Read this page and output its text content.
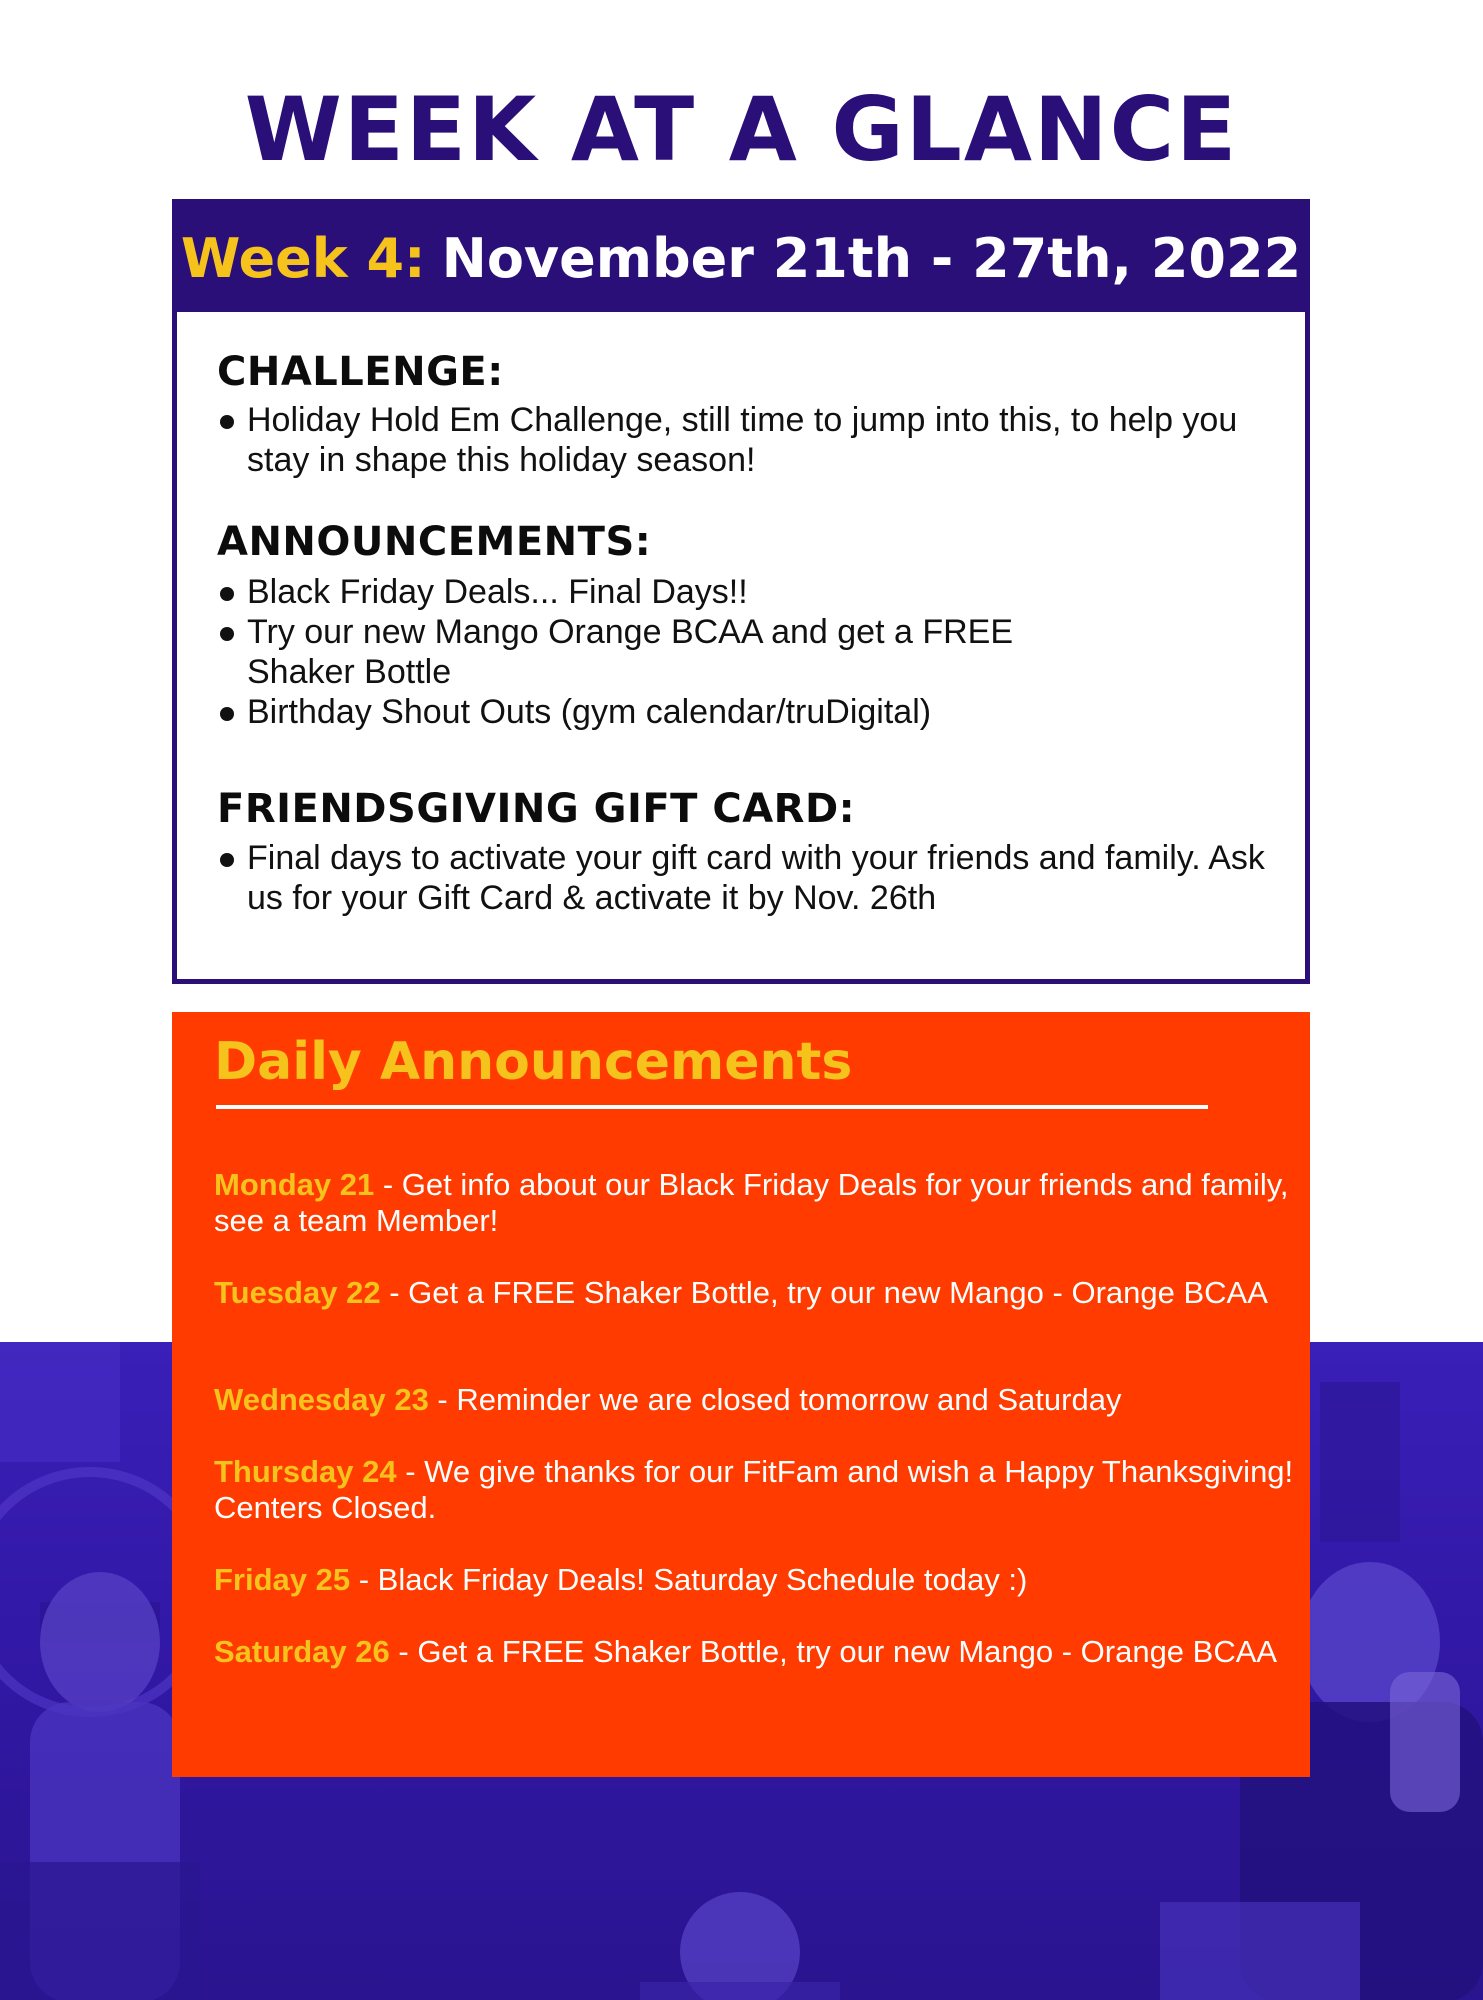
WEEK AT A GLANCE
Week 4: November 21th - 27th, 2022
CHALLENGE:
Holiday Hold Em Challenge, still time to jump into this, to help you stay in shape this holiday season!
ANNOUNCEMENTS:
Black Friday Deals... Final Days!!
Try our new Mango Orange BCAA and get a FREE Shaker Bottle
Birthday Shout Outs (gym calendar/truDigital)
FRIENDSGIVING GIFT CARD:
Final days to activate your gift card with your friends and family. Ask us for your Gift Card & activate it by Nov. 26th
Daily Announcements
Monday 21 - Get info about our Black Friday Deals for your friends and family, see a team Member!
Tuesday 22 - Get a FREE Shaker Bottle, try our new Mango - Orange BCAA
Wednesday 23 - Reminder we are closed tomorrow and Saturday
Thursday 24 - We give thanks for our FitFam and wish a Happy Thanksgiving! Centers Closed.
Friday 25 - Black Friday Deals! Saturday Schedule today :)
Saturday 26 - Get a FREE Shaker Bottle, try our new Mango - Orange BCAA
